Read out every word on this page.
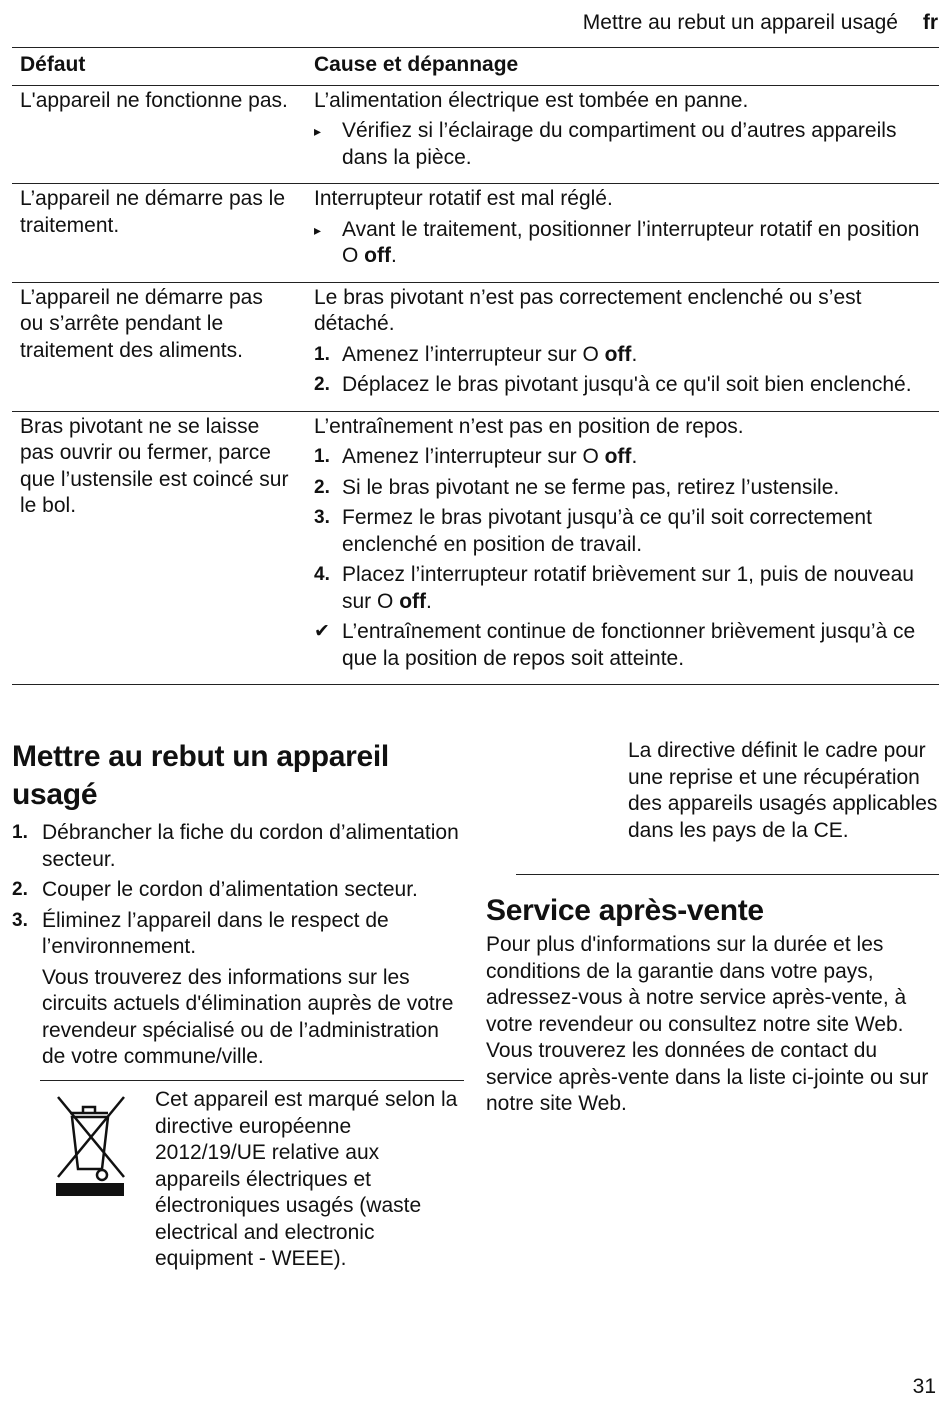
Mettre au rebut un appareil usagé fr
Défaut	Cause et dépannage
L'appareil ne fonctionne pas.	L’alimentation électrique est tombée en panne.
▸ Vérifiez si l’éclairage du compartiment ou d’autres appareils dans la pièce.
L’appareil ne démarre pas le traitement.
Interrupteur rotatif est mal réglé.
▸ Avant le traitement, positionner l’interrupteur rotatif en position O off.
L’appareil ne démarre pas ou s’arrête pendant le traitement des aliments.
Le bras pivotant n’est pas correctement enclenché ou s’est détaché.
1. Amenez l’interrupteur sur O off.
2. Déplacez le bras pivotant jusqu'à ce qu'il soit bien enclenché.
Bras pivotant ne se laisse pas ouvrir ou fermer, parce que l’ustensile est coincé sur le bol.
L’entraînement n’est pas en position de repos.
1. Amenez l’interrupteur sur O off.
2. Si le bras pivotant ne se ferme pas, retirez l’ustensile.
3. Fermez le bras pivotant jusqu’à ce qu’il soit correctement enclenché en position de travail.
4. Placez l’interrupteur rotatif brièvement sur 1, puis de nouveau sur O off.
✔ L’entraînement continue de fonctionner brièvement jusqu’à ce que la position de repos soit atteinte.
Mettre au rebut un appareil usagé
1. Débrancher la fiche du cordon d’alimentation secteur.
2. Couper le cordon d’alimentation secteur.
3. Éliminez l’appareil dans le respect de l’environnement.
Vous trouverez des informations sur les circuits actuels d'élimination auprès de votre revendeur spécialisé ou de l’administration de votre commune/ville.
Cet appareil est marqué selon la directive européenne 2012/19/UE relative aux appareils électriques et électroniques usagés (waste electrical and electronic equipment - WEEE).
La directive définit le cadre pour une reprise et une récupération des appareils usagés applicables dans les pays de la CE.
Service après-vente
Pour plus d'informations sur la durée et les conditions de la garantie dans votre pays, adressez-vous à notre service après-vente, à votre revendeur ou consultez notre site Web.
Vous trouverez les données de contact du service après-vente dans la liste ci-jointe ou sur notre site Web.
31
